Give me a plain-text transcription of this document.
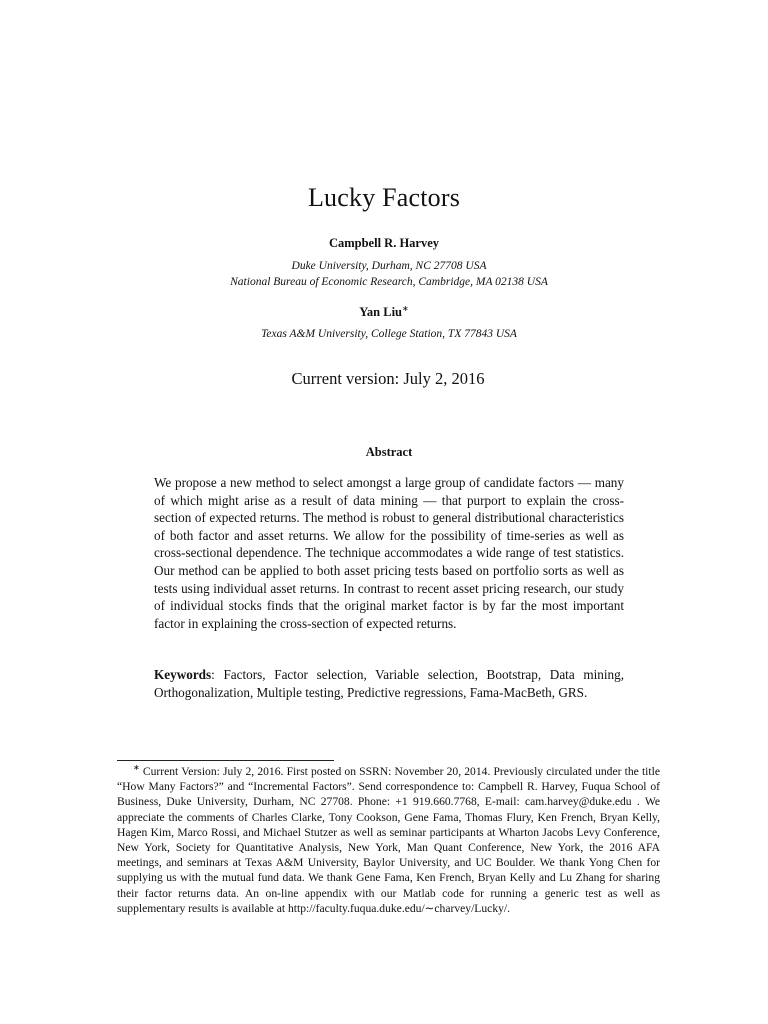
Lucky Factors
Campbell R. Harvey
Duke University, Durham, NC 27708 USA
National Bureau of Economic Research, Cambridge, MA 02138 USA
Yan Liu∗
Texas A&M University, College Station, TX 77843 USA
Current version: July 2, 2016
Abstract
We propose a new method to select amongst a large group of candidate factors — many of which might arise as a result of data mining — that purport to explain the cross-section of expected returns. The method is robust to general distributional characteristics of both factor and asset returns. We allow for the possibility of time-series as well as cross-sectional dependence. The technique accommodates a wide range of test statistics. Our method can be applied to both asset pricing tests based on portfolio sorts as well as tests using individual asset returns. In contrast to recent asset pricing research, our study of individual stocks finds that the original market factor is by far the most important factor in explaining the cross-section of expected returns.
Keywords: Factors, Factor selection, Variable selection, Bootstrap, Data mining, Orthogonalization, Multiple testing, Predictive regressions, Fama-MacBeth, GRS.
∗ Current Version: July 2, 2016. First posted on SSRN: November 20, 2014. Previously circulated under the title “How Many Factors?” and “Incremental Factors”. Send correspondence to: Campbell R. Harvey, Fuqua School of Business, Duke University, Durham, NC 27708. Phone: +1 919.660.7768, E-mail: cam.harvey@duke.edu . We appreciate the comments of Charles Clarke, Tony Cookson, Gene Fama, Thomas Flury, Ken French, Bryan Kelly, Hagen Kim, Marco Rossi, and Michael Stutzer as well as seminar participants at Wharton Jacobs Levy Conference, New York, Society for Quantitative Analysis, New York, Man Quant Conference, New York, the 2016 AFA meetings, and seminars at Texas A&M University, Baylor University, and UC Boulder. We thank Yong Chen for supplying us with the mutual fund data. We thank Gene Fama, Ken French, Bryan Kelly and Lu Zhang for sharing their factor returns data. An on-line appendix with our Matlab code for running a generic test as well as supplementary results is available at http://faculty.fuqua.duke.edu/∼charvey/Lucky/.
